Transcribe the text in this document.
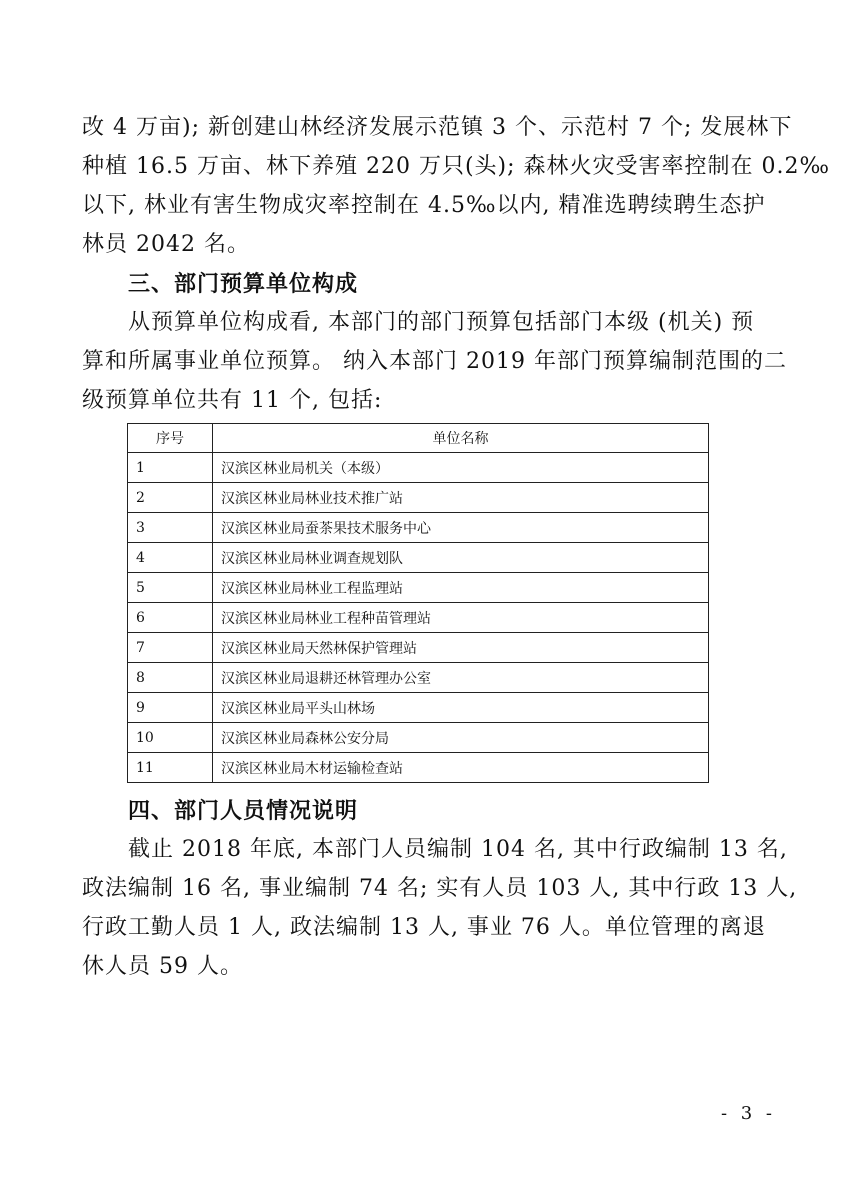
改 4 万亩); 新创建山林经济发展示范镇 3 个、示范村 7 个; 发展林下
种植 16.5 万亩、林下养殖 220 万只(头); 森林火灾受害率控制在 0.2‰
以下, 林业有害生物成灾率控制在 4.5‰以内, 精准选聘续聘生态护
林员 2042 名。
三、部门预算单位构成
从预算单位构成看, 本部门的部门预算包括部门本级 (机关) 预
算和所属事业单位预算。 纳入本部门 2019 年部门预算编制范围的二
级预算单位共有 11 个, 包括:
序号	单位名称
1	汉滨区林业局机关（本级）
2	汉滨区林业局林业技术推广站
3	汉滨区林业局蚕茶果技术服务中心
4	汉滨区林业局林业调查规划队
5	汉滨区林业局林业工程监理站
6	汉滨区林业局林业工程种苗管理站
7	汉滨区林业局天然林保护管理站
8	汉滨区林业局退耕还林管理办公室
9	汉滨区林业局平头山林场
10	汉滨区林业局森林公安分局
11	汉滨区林业局木材运输检查站
四、部门人员情况说明
截止 2018 年底, 本部门人员编制 104 名, 其中行政编制 13 名,
政法编制 16 名, 事业编制 74 名; 实有人员 103 人, 其中行政 13 人,
行政工勤人员 1 人, 政法编制 13 人, 事业 76 人。单位管理的离退
休人员 59 人。
- 3 -
